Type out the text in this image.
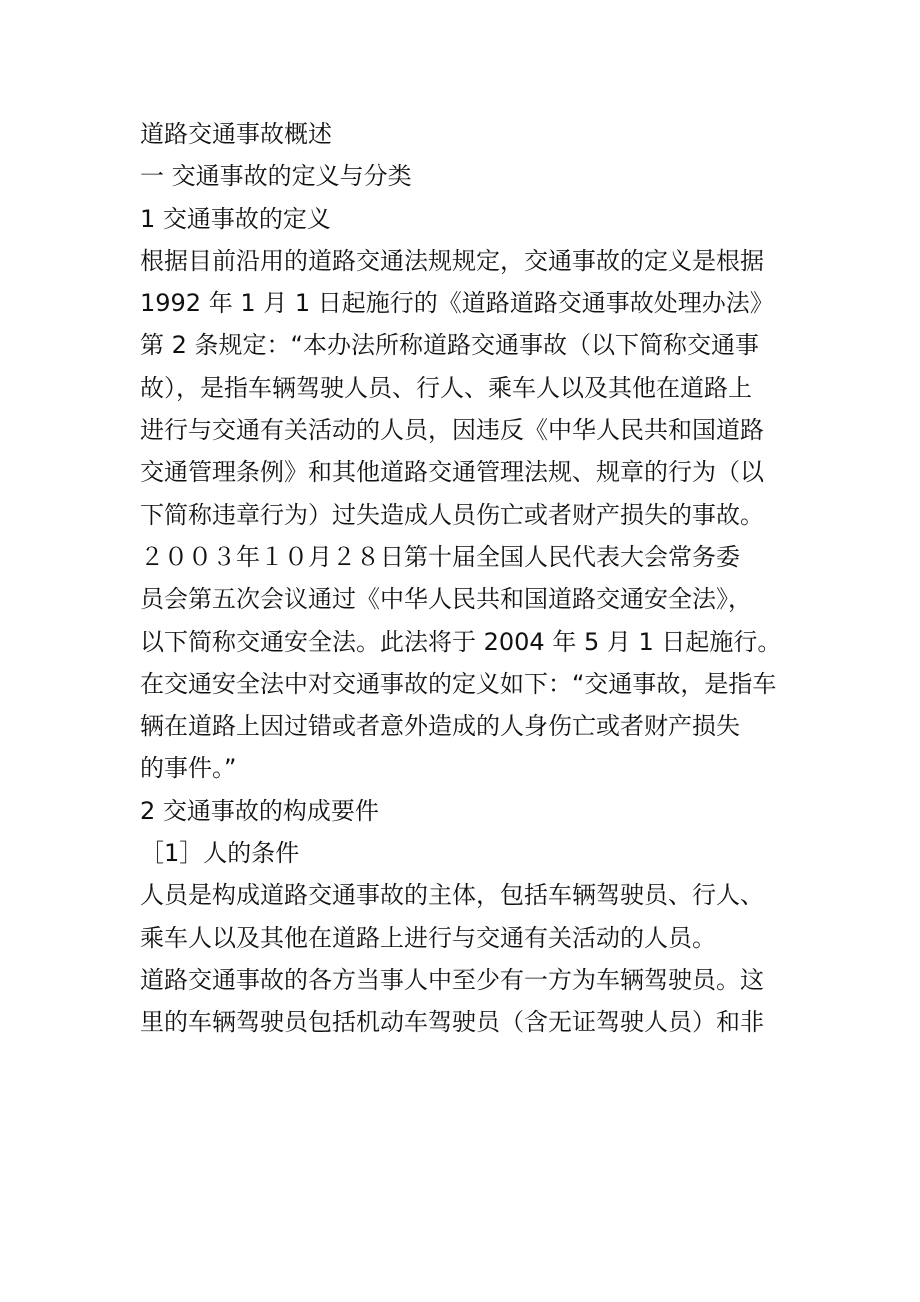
道路交通事故概述
一 交通事故的定义与分类
1 交通事故的定义
根据目前沿用的道路交通法规规定，交通事故的定义是根据
1992 年 1 月 1 日起施行的《道路道路交通事故处理办法》
第 2 条规定：“本办法所称道路交通事故（以下简称交通事
故），是指车辆驾驶人员、行人、乘车人以及其他在道路上
进行与交通有关活动的人员，因违反《中华人民共和国道路
交通管理条例》和其他道路交通管理法规、规章的行为（以
下简称违章行为）过失造成人员伤亡或者财产损失的事故。
２００３年１０月２８日第十届全国人民代表大会常务委
员会第五次会议通过《中华人民共和国道路交通安全法》，
以下简称交通安全法。此法将于 2004 年 5 月 1 日起施行。
在交通安全法中对交通事故的定义如下：“交通事故，是指车
辆在道路上因过错或者意外造成的人身伤亡或者财产损失
的事件。”
2 交通事故的构成要件
［1］人的条件
人员是构成道路交通事故的主体，包括车辆驾驶员、行人、
乘车人以及其他在道路上进行与交通有关活动的人员。
道路交通事故的各方当事人中至少有一方为车辆驾驶员。这
里的车辆驾驶员包括机动车驾驶员（含无证驾驶人员）和非
